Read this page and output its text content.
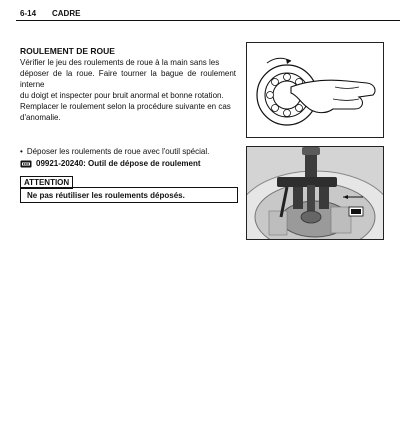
6-14 CADRE
ROULEMENT DE ROUE
Vérifier le jeu des roulements de roue à la main sans les
déposer de la roue. Faire tourner la bague de roulement interne
du doigt et inspecter pour bruit anormal et bonne rotation.
Remplacer le roulement selon la procédure suivante en cas
d'anomalie.
• Déposer les roulements de roue avec l'outil spécial.
09921-20240: Outil de dépose de roulement
ATTENTION
Ne pas réutiliser les roulements déposés.
